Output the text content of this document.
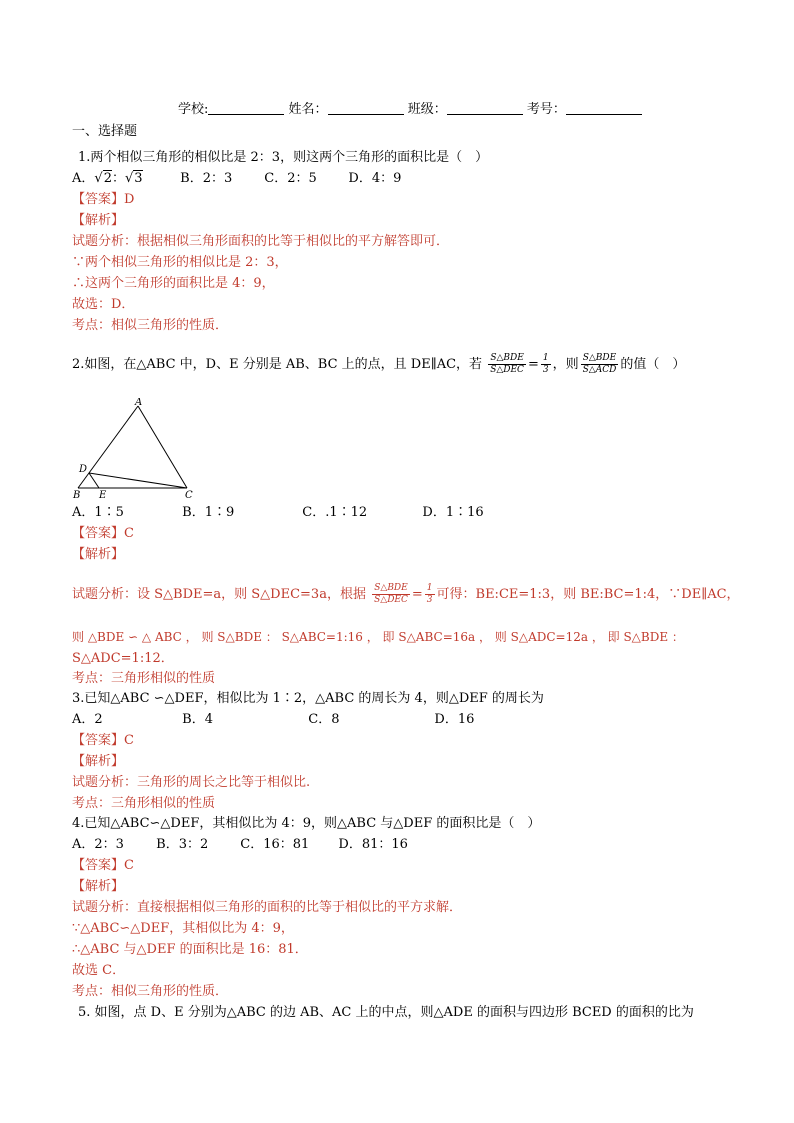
学校:	姓名：	班级：	考号：
一、选择题
1.两个相似三角形的相似比是 2：3，则这两个三角形的面积比是（　）
A．√2：√3	B．2：3 C．2：5 D．4：9
【答案】D
【解析】
试题分析：根据相似三角形面积的比等于相似比的平方解答即可．
∵两个相似三角形的相似比是 2：3，
∴这两个三角形的面积比是 4：9，
故选：D．
考点：相似三角形的性质．
2.如图，在△ABC 中，D、E 分别是 AB、BC 上的点，且 DE∥AC，若 $\frac{\text{S△BDE}}{\text{S△DEC}} = \frac{1}{3}$ ，则 $\frac{\text{S△BDE}}{\text{S△ACD}}$ 的值（　）
A
B	C
D
E
A．1∶5	B．1∶9	C．.1∶12	D．1∶16
【答案】C
【解析】
试题分析：设 S△BDE=a，则 S△DEC=3a，根据 $\frac{\text{S△BDE}}{\text{S△DEC}} = \frac{1}{3}$ 可得：BE:CE=1:3，则 BE:BC=1:4，∵DE∥AC，
则 △BDE ∽ △ ABC ， 则 S△BDE ： S△ABC=1:16 ， 即 S△ABC=16a ， 则 S△ADC=12a ， 即 S△BDE ：
S△ADC=1:12．
考点：三角形相似的性质
3.已知△ABC ∽△DEF，相似比为 1∶2，△ABC 的周长为 4，则△DEF 的周长为
A．2	B．4	C．8	D．16
【答案】C
【解析】
试题分析：三角形的周长之比等于相似比.
考点：三角形相似的性质
4.已知△ABC∽△DEF，其相似比为 4：9，则△ABC 与△DEF 的面积比是（　）
A．2：3 B．3：2 C．16：81 D．81：16
【答案】C
【解析】
试题分析：直接根据相似三角形的面积的比等于相似比的平方求解．
∵△ABC∽△DEF，其相似比为 4：9，
∴△ABC 与△DEF 的面积比是 16：81．
故选 C．
考点：相似三角形的性质．
5. 如图，点 D、E 分别为△ABC 的边 AB、AC 上的中点，则△ADE 的面积与四边形 BCED 的面积的比为
